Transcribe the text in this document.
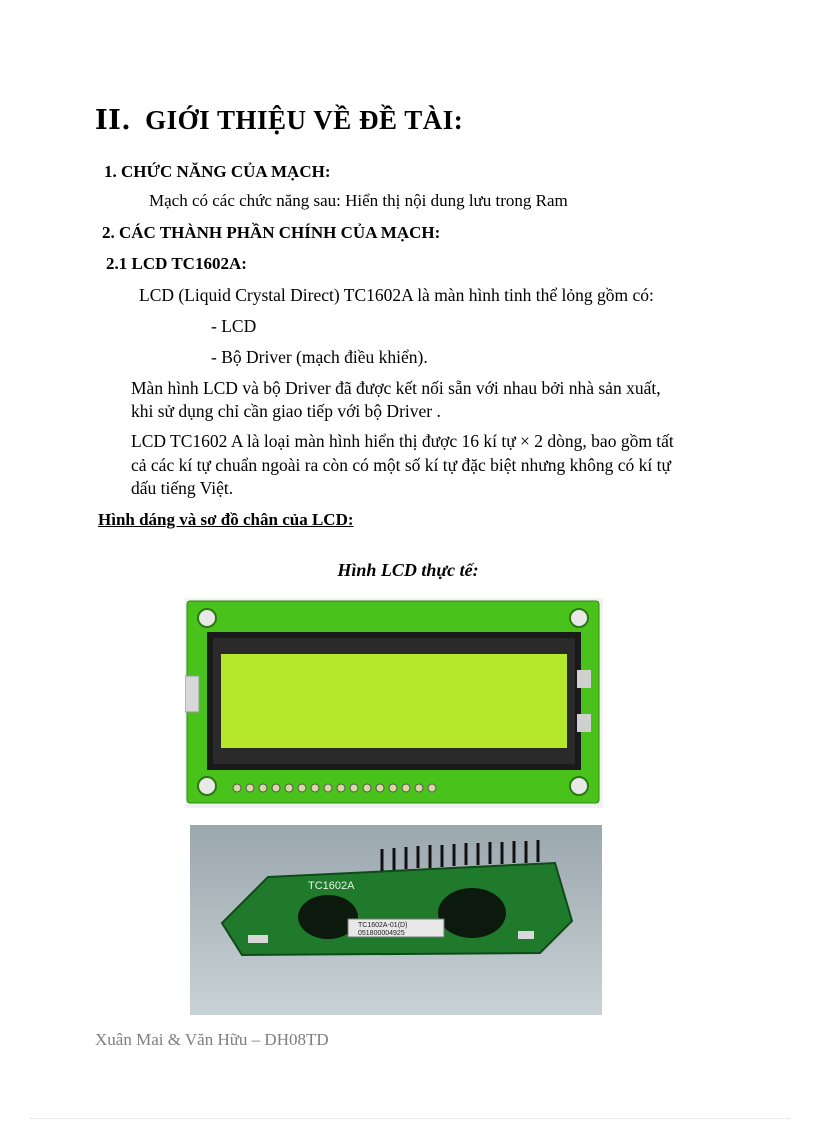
II. GIỚI THIỆU VỀ ĐỀ TÀI:
1. CHỨC NĂNG CỦA MẠCH:
Mạch có các chức năng sau: Hiển thị nội dung lưu trong Ram
2. CÁC THÀNH PHẦN CHÍNH CỦA MẠCH:
2.1 LCD TC1602A:
LCD (Liquid Crystal Direct) TC1602A là màn hình tinh thể lỏng gồm có:
- LCD
- Bộ Driver (mạch điều khiển).
Màn hình LCD và bộ Driver đã được kết nối sẵn với nhau bởi nhà sản xuất,
khi sử dụng chỉ cần giao tiếp với bộ Driver .
LCD TC1602 A là loại màn hình hiển thị được 16 kí tự × 2 dòng, bao gồm tất
cả các kí tự chuẩn ngoài ra còn có một số kí tự đặc biệt nhưng không có kí tự
dấu tiếng Việt.
Hình dáng và sơ đồ chân của LCD:
Hình LCD thực tế:
TC1602A
TC1602A-01(D)
051800004925
Xuân Mai & Văn Hữu – DH08TD
